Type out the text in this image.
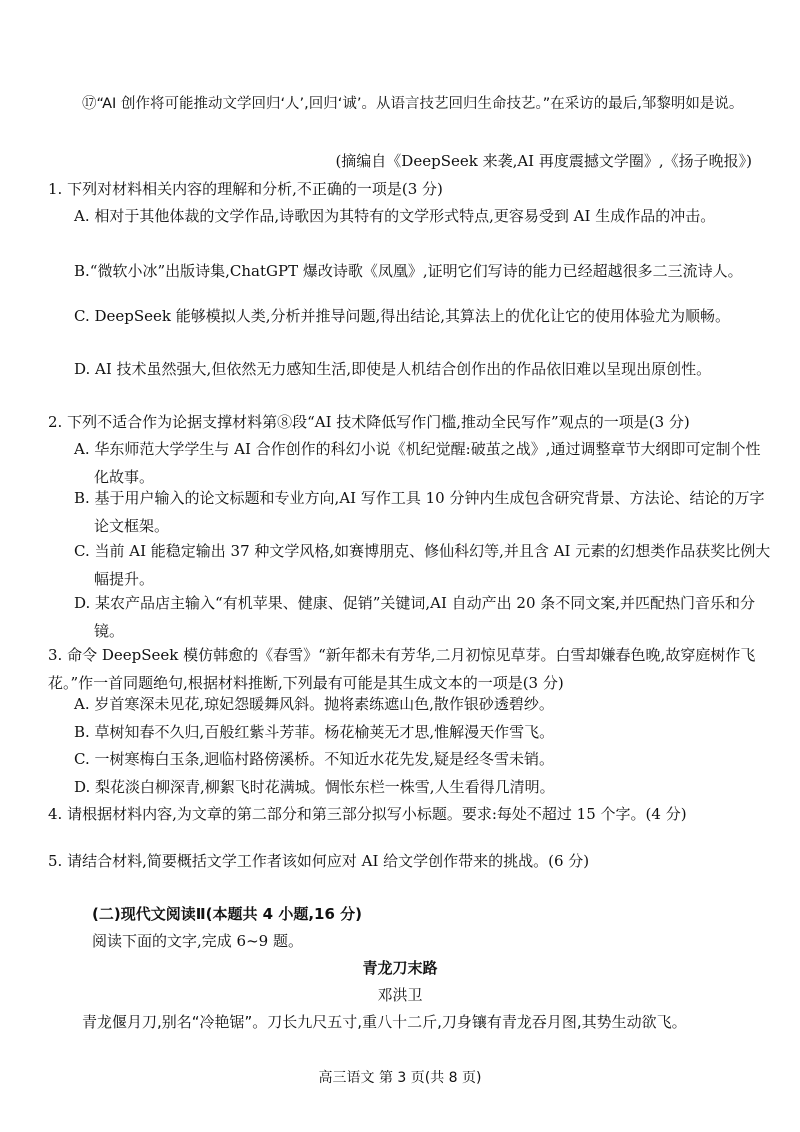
⑰“AI 创作将可能推动文学回归‘人’,回归‘诚’。从语言技艺回归生命技艺。”在采访的最后,邹黎明如是说。

(摘编自《DeepSeek 来袭,AI 再度震撼文学圈》,《扬子晚报》)

1. 下列对材料相关内容的理解和分析,不正确的一项是(3 分)

A. 相对于其他体裁的文学作品,诗歌因为其特有的文学形式特点,更容易受到 AI 生成作品的冲击。

B.“微软小冰”出版诗集,ChatGPT 爆改诗歌《凤凰》,证明它们写诗的能力已经超越很多二三流诗人。

C. DeepSeek 能够模拟人类,分析并推导问题,得出结论,其算法上的优化让它的使用体验尤为顺畅。

D. AI 技术虽然强大,但依然无力感知生活,即使是人机结合创作出的作品依旧难以呈现出原创性。

2. 下列不适合作为论据支撑材料第⑧段“AI 技术降低写作门槛,推动全民写作”观点的一项是(3 分)

A. 华东师范大学学生与 AI 合作创作的科幻小说《机纪觉醒:破茧之战》,通过调整章节大纲即可定制个性化故事。

B. 基于用户输入的论文标题和专业方向,AI 写作工具 10 分钟内生成包含研究背景、方法论、结论的万字论文框架。

C. 当前 AI 能稳定输出 37 种文学风格,如赛博朋克、修仙科幻等,并且含 AI 元素的幻想类作品获奖比例大幅提升。

D. 某农产品店主输入“有机苹果、健康、促销”关键词,AI 自动产出 20 条不同文案,并匹配热门音乐和分镜。

3. 命令 DeepSeek 模仿韩愈的《春雪》“新年都未有芳华,二月初惊见草芽。白雪却嫌春色晚,故穿庭树作飞花。”作一首同题绝句,根据材料推断,下列最有可能是其生成文本的一项是(3 分)

A. 岁首寒深未见花,琼妃怨暖舞风斜。抛将素练遮山色,散作银砂透碧纱。

B. 草树知春不久归,百般红紫斗芳菲。杨花榆荚无才思,惟解漫天作雪飞。

C. 一树寒梅白玉条,迥临村路傍溪桥。不知近水花先发,疑是经冬雪未销。

D. 梨花淡白柳深青,柳絮飞时花满城。惆怅东栏一株雪,人生看得几清明。

4. 请根据材料内容,为文章的第二部分和第三部分拟写小标题。要求:每处不超过 15 个字。(4 分)

5. 请结合材料,简要概括文学工作者该如何应对 AI 给文学创作带来的挑战。(6 分)

(二)现代文阅读Ⅱ(本题共 4 小题,16 分)

阅读下面的文字,完成 6~9 题。

青龙刀末路

邓洪卫

青龙偃月刀,别名“冷艳锯”。刀长九尺五寸,重八十二斤,刀身镶有青龙吞月图,其势生动欲飞。

高三语文 第 3 页(共 8 页)
